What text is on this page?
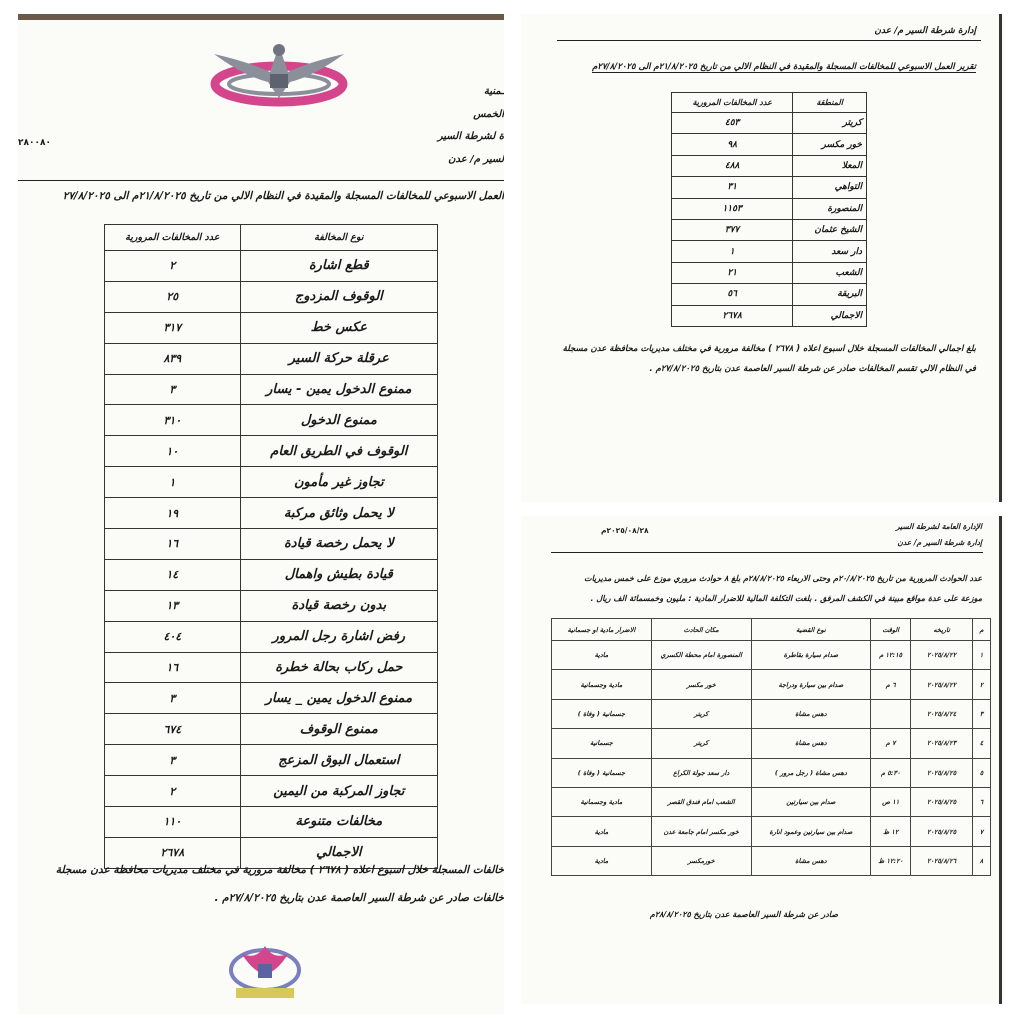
ـمنية
الخمس
ة لشرطة السير
لسير م/ عدن
٢٨٠٠٨٠
العمل الاسبوعي للمخالفات المسجلة والمقيدة في النظام الالي من تاريخ ٢١/٨/٢٠٢٥م الى ٢٧/٨/٢٠٢٥
نوع المخالفة	عدد المخالفات المرورية
قطع اشارة	٢
الوقوف المزدوج	٢٥
عكس خط	٣١٧
عرقلة حركة السير	٨٣٩
ممنوع الدخول يمين - يسار	٣
ممنوع الدخول	٣١٠
الوقوف في الطريق العام	١٠
تجاوز غير مأمون	١
لا يحمل وثائق مركبة	١٩
لا يحمل رخصة قيادة	١٦
قيادة بطيش واهمال	١٤
بدون رخصة قيادة	١٣
رفض اشارة رجل المرور	٤٠٤
حمل ركاب بحالة خطرة	١٦
ممنوع الدخول يمين _ يسار	٣
ممنوع الوقوف	٦٧٤
استعمال البوق المزعج	٣
تجاوز المركبة من اليمين	٢
مخالفات متنوعة	١١٠
الاجمالي	٢٦٧٨
خالفات المسجلة خلال اسبوع اعلاه ( ٢٦٧٨ ) مخالفة مرورية في مختلف مديريات محافظة عدن مسجلة
خالفات صادر عن شرطة السير العاصمة عدن بتاريخ ٢٧/٨/٢٠٢٥م .
إدارة شرطة السير م/ عدن
تقرير العمل الاسبوعي للمخالفات المسجلة والمقيدة في النظام الالي من تاريخ ٢١/٨/٢٠٢٥م الى ٢٧/٨/٢٠٢٥م
المنطقة	عدد المخالفات المرورية
كريتر	٤٥٣
خور مكسر	٩٨
المعلا	٤٨٨
التواهي	٣١
المنصورة	١١٥٣
الشيخ عثمان	٣٧٧
دار سعد	١
الشعب	٢١
البريقة	٥٦
الاجمالي	٢٦٧٨
بلغ اجمالي المخالفات المسجلة خلال اسبوع اعلاه ( ٢٦٧٨ ) مخالفة مرورية في مختلف مديريات محافظة عدن مسجلة
في النظام الالي تقسم المخالفات صادر عن شرطة السير العاصمة عدن بتاريخ ٢٧/٨/٢٠٢٥م .
الإدارة العامة لشرطة السير
إدارة شرطة السير م/ عدن
٢٠٢٥/٠٨/٢٨م
عدد الحوادث المرورية من تاريخ ٢٠/٨/٢٠٢٥م وحتى الاربعاء ٢٨/٨/٢٠٢٥م بلغ ٨ حوادث مروري موزع على خمس مديريات
موزعة على عدة مواقع مبينة في الكشف المرفق . بلغت التكلفة المالية للاضرار المادية : مليون وخمسمائة الف ريال .
م	تاريخه	الوقت	نوع القضية	مكان الحادث	الاضرار مادية او جسمانية
١	٢٠٢٥/٨/٢٢	١٢:١٥ م	صدام سيارة بقاطرة	المنصورة امام محطة الكسري	مادية
٢	٢٠٢٥/٨/٢٢	٦ م	صدام بين سيارة ودراجة	خور مكسر	مادية وجسمانية
٣	٢٠٢٥/٨/٢٤		دهس مشاة	كريتر	جسمانية ( وفاة )
٤	٢٠٢٥/٨/٢٣	٧ م	دهس مشاة	كريتر	جسمانية
٥	٢٠٢٥/٨/٢٥	٥:٣٠ م	دهس مشاة ( رجل مرور )	دار سعد جولة الكراع	جسمانية ( وفاة )
٦	٢٠٢٥/٨/٢٥	١١ ص	صدام بين سيارتين	الشعب امام فندق القصر	مادية وجسمانية
٧	٢٠٢٥/٨/٢٥	١٢ ظ	صدام بين سيارتين وعمود انارة	خور مكسر امام جامعة عدن	مادية
٨	٢٠٢٥/٨/٢٦	١٢:٢٠ ظ	دهس مشاة	خورمكسر	مادية
صادر عن شرطة السير العاصمة عدن بتاريخ ٢٨/٨/٢٠٢٥م
